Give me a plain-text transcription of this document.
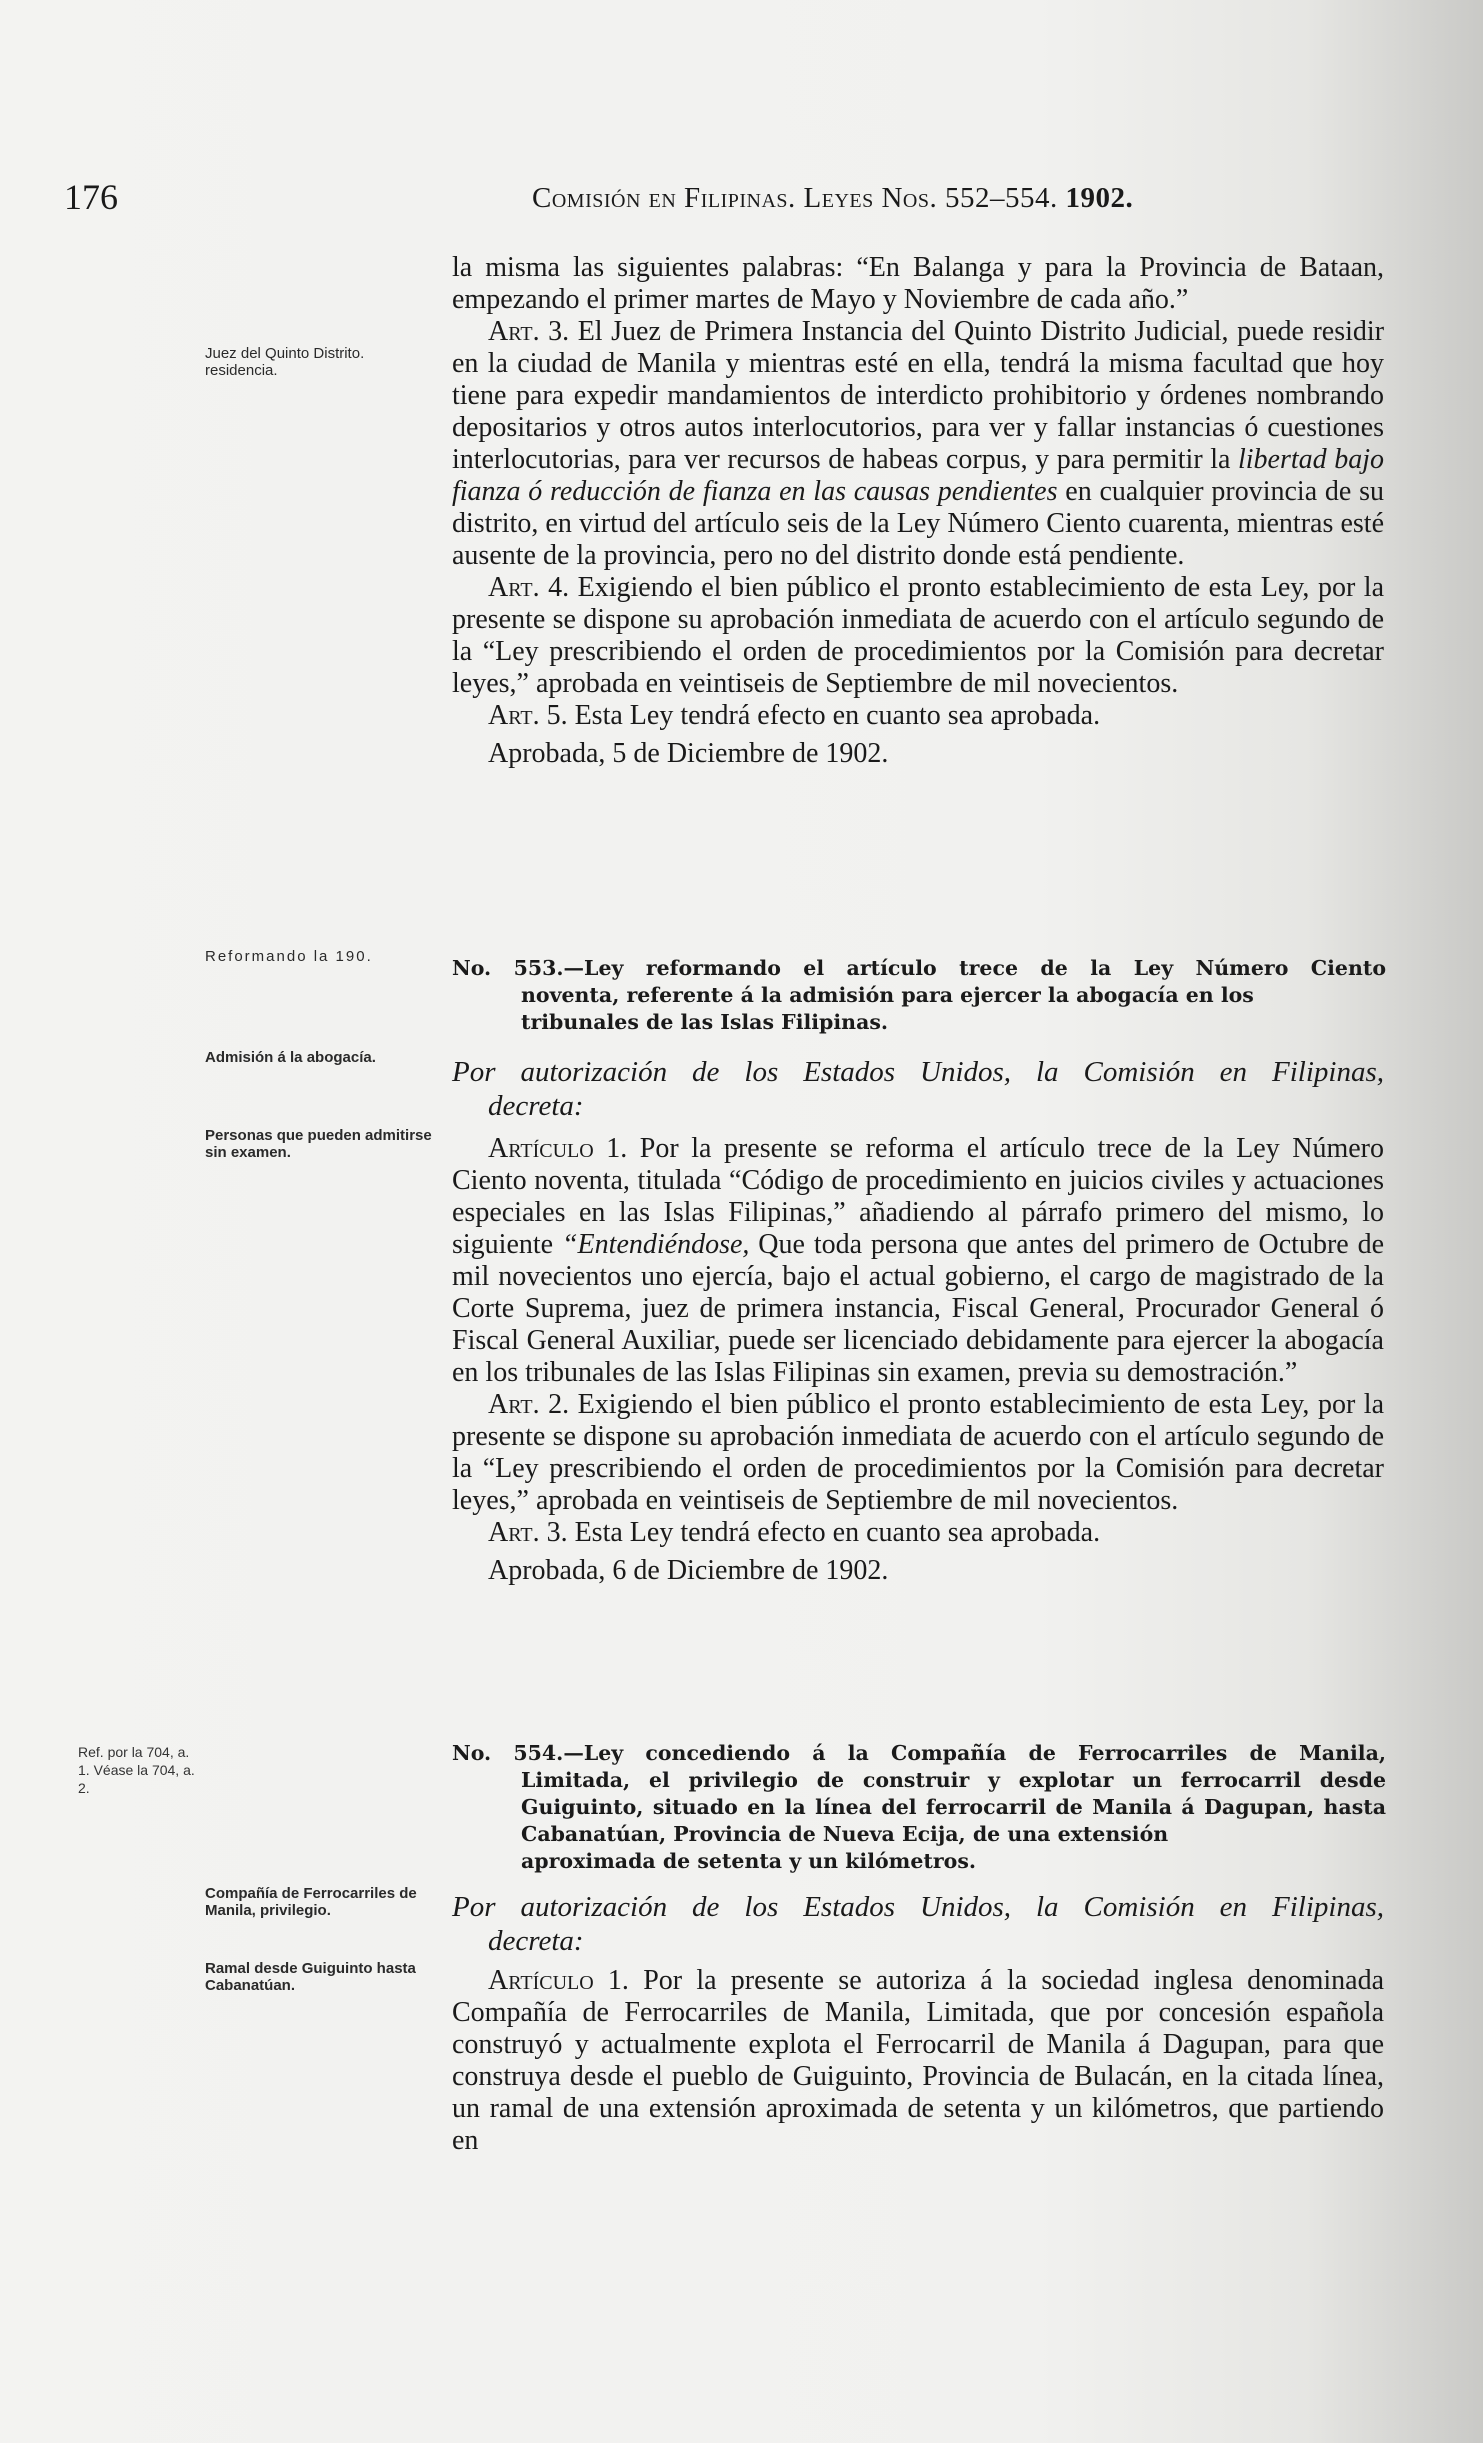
176	Comisión en Filipinas. Leyes Nos. 552–554. 1902.
Juez del Quinto Distrito. residencia.
Reformando la 190.
Admisión á la abogacía.
Personas que pueden admitirse sin examen.
Ref. por la 704, a. 1. Véase la 704, a. 2.
Compañía de Ferrocarriles de Manila, privilegio.
Ramal desde Guiguinto hasta Cabanatúan.

la misma las siguientes palabras: “En Balanga y para la Provincia de Bataan, empezando el primer martes de Mayo y Noviembre de cada año.”

Art. 3. El Juez de Primera Instancia del Quinto Distrito Judicial, puede residir en la ciudad de Manila y mientras esté en ella, tendrá la misma facultad que hoy tiene para expedir mandamientos de interdicto prohibitorio y órdenes nombrando depositarios y otros autos interlocutorios, para ver y fallar instancias ó cuestiones interlocutorias, para ver recursos de habeas corpus, y para permitir la libertad bajo fianza ó reducción de fianza en las causas pendientes en cualquier provincia de su distrito, en virtud del artículo seis de la Ley Número Ciento cuarenta, mientras esté ausente de la provincia, pero no del distrito donde está pendiente.

Art. 4. Exigiendo el bien público el pronto establecimiento de esta Ley, por la presente se dispone su aprobación inmediata de acuerdo con el artículo segundo de la “Ley prescribiendo el orden de procedimientos por la Comisión para decretar leyes,” aprobada en veintiseis de Septiembre de mil novecientos.

Art. 5. Esta Ley tendrá efecto en cuanto sea aprobada.

Aprobada, 5 de Diciembre de 1902.

No. 553.—Ley reformando el artículo trece de la Ley Número Ciento
noventa, referente á la admisión para ejercer la abogacía en los
tribunales de las Islas Filipinas.
Por autorización de los Estados Unidos, la Comisión en Filipinas,
decreta:

Artículo 1. Por la presente se reforma el artículo trece de la Ley Número Ciento noventa, titulada “Código de procedimiento en juicios civiles y actuaciones especiales en las Islas Filipinas,” añadiendo al párrafo primero del mismo, lo siguiente “Entendiéndose, Que toda persona que antes del primero de Octubre de mil novecientos uno ejercía, bajo el actual gobierno, el cargo de magistrado de la Corte Suprema, juez de primera instancia, Fiscal General, Procurador General ó Fiscal General Auxiliar, puede ser licenciado debidamente para ejercer la abogacía en los tribunales de las Islas Filipinas sin examen, previa su demostración.”

Art. 2. Exigiendo el bien público el pronto establecimiento de esta Ley, por la presente se dispone su aprobación inmediata de acuerdo con el artículo segundo de la “Ley prescribiendo el orden de procedimientos por la Comisión para decretar leyes,” aprobada en veintiseis de Septiembre de mil novecientos.

Art. 3. Esta Ley tendrá efecto en cuanto sea aprobada.

Aprobada, 6 de Diciembre de 1902.

No. 554.—Ley concediendo á la Compañía de Ferrocarriles de Manila,
Limitada, el privilegio de construir y explotar un ferrocarril desde Guiguinto, situado en la línea del ferrocarril de Manila á Dagupan, hasta Cabanatúan, Provincia de Nueva Ecija, de una extensión
aproximada de setenta y un kilómetros.
Por autorización de los Estados Unidos, la Comisión en Filipinas,
decreta:

Artículo 1. Por la presente se autoriza á la sociedad inglesa denominada Compañía de Ferrocarriles de Manila, Limitada, que por concesión española construyó y actualmente explota el Ferrocarril de Manila á Dagupan, para que construya desde el pueblo de Guiguinto, Provincia de Bulacán, en la citada línea, un ramal de una extensión aproximada de setenta y un kilómetros, que partiendo en
